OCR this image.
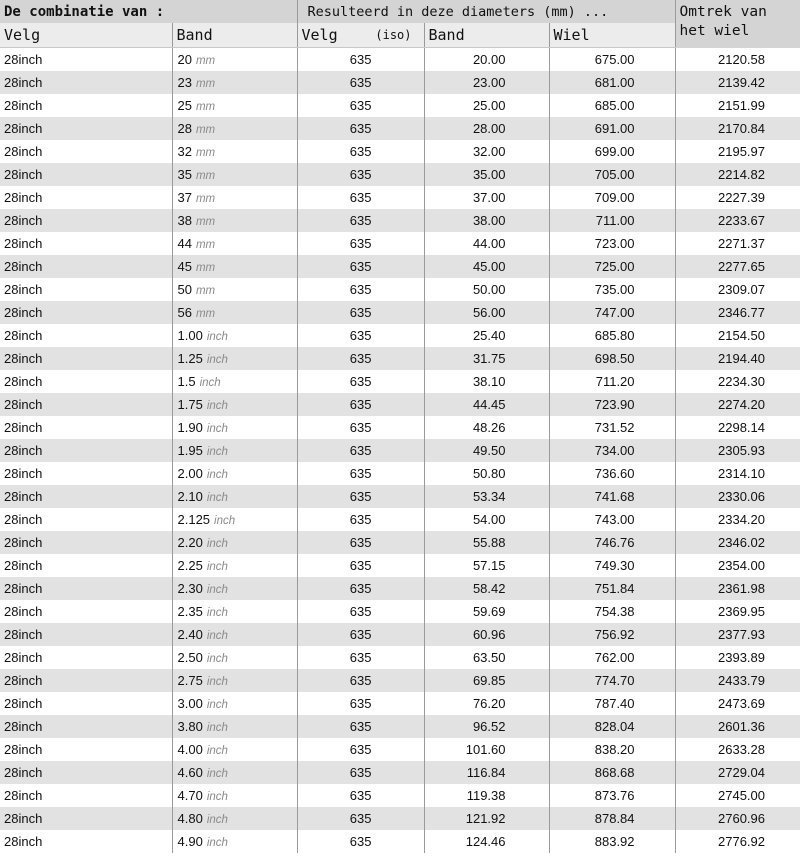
De combinatie van :		Resulteerd in deze diameters (mm) ...			Omtrek van het wiel
Velg	Band	Velg (iso)	Band	Wiel	
28inch	20 mm	635	20.00	675.00	2120.58
28inch	23 mm	635	23.00	681.00	2139.42
28inch	25 mm	635	25.00	685.00	2151.99
28inch	28 mm	635	28.00	691.00	2170.84
28inch	32 mm	635	32.00	699.00	2195.97
28inch	35 mm	635	35.00	705.00	2214.82
28inch	37 mm	635	37.00	709.00	2227.39
28inch	38 mm	635	38.00	711.00	2233.67
28inch	44 mm	635	44.00	723.00	2271.37
28inch	45 mm	635	45.00	725.00	2277.65
28inch	50 mm	635	50.00	735.00	2309.07
28inch	56 mm	635	56.00	747.00	2346.77
28inch	1.00 inch	635	25.40	685.80	2154.50
28inch	1.25 inch	635	31.75	698.50	2194.40
28inch	1.5 inch	635	38.10	711.20	2234.30
28inch	1.75 inch	635	44.45	723.90	2274.20
28inch	1.90 inch	635	48.26	731.52	2298.14
28inch	1.95 inch	635	49.50	734.00	2305.93
28inch	2.00 inch	635	50.80	736.60	2314.10
28inch	2.10 inch	635	53.34	741.68	2330.06
28inch	2.125 inch	635	54.00	743.00	2334.20
28inch	2.20 inch	635	55.88	746.76	2346.02
28inch	2.25 inch	635	57.15	749.30	2354.00
28inch	2.30 inch	635	58.42	751.84	2361.98
28inch	2.35 inch	635	59.69	754.38	2369.95
28inch	2.40 inch	635	60.96	756.92	2377.93
28inch	2.50 inch	635	63.50	762.00	2393.89
28inch	2.75 inch	635	69.85	774.70	2433.79
28inch	3.00 inch	635	76.20	787.40	2473.69
28inch	3.80 inch	635	96.52	828.04	2601.36
28inch	4.00 inch	635	101.60	838.20	2633.28
28inch	4.60 inch	635	116.84	868.68	2729.04
28inch	4.70 inch	635	119.38	873.76	2745.00
28inch	4.80 inch	635	121.92	878.84	2760.96
28inch	4.90 inch	635	124.46	883.92	2776.92
